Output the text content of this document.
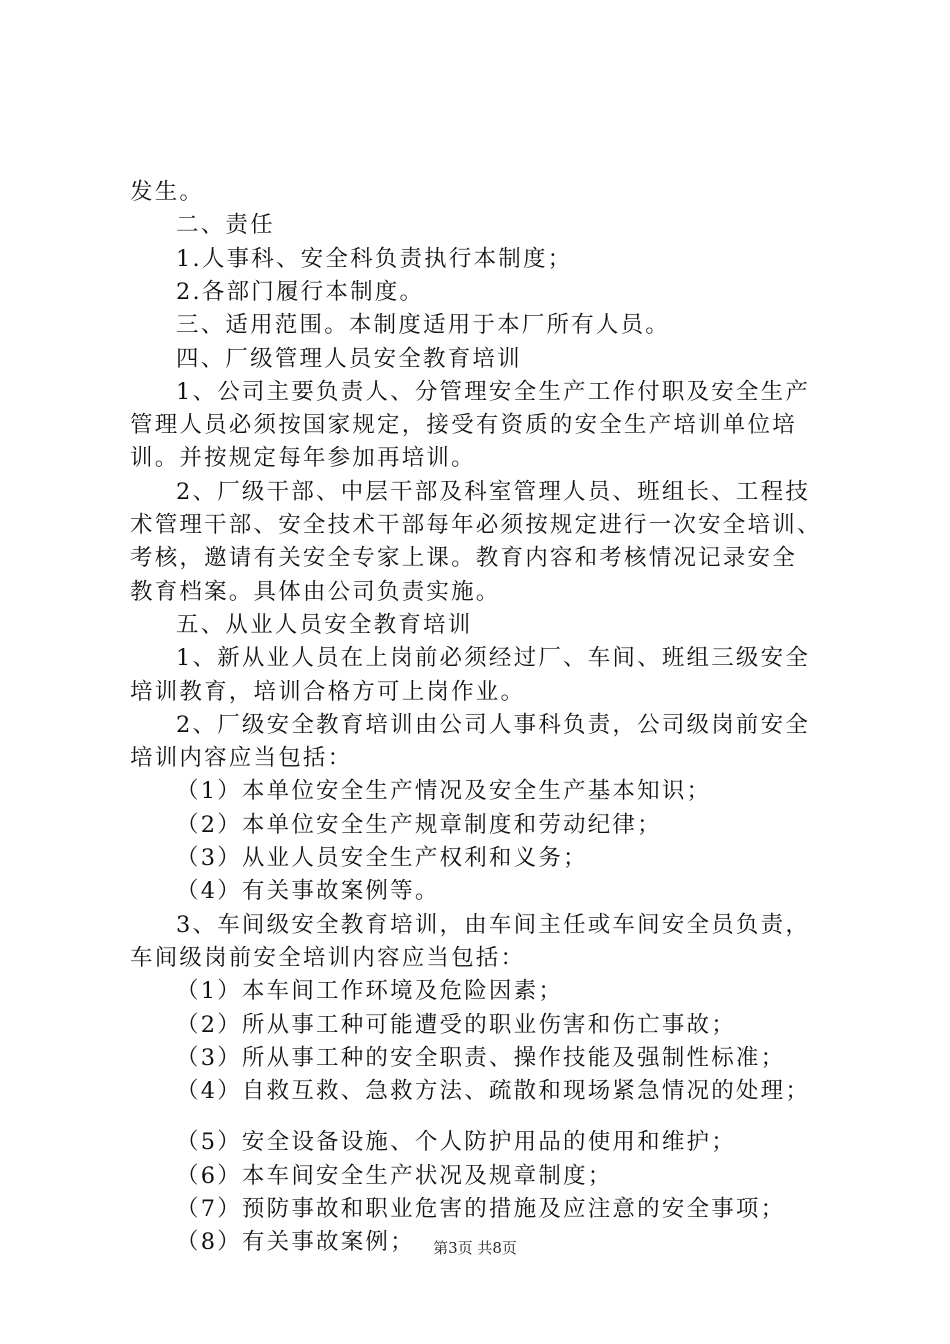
发生。
二、责任
1.人事科、安全科负责执行本制度；
2.各部门履行本制度。
三、适用范围。本制度适用于本厂所有人员。
四、厂级管理人员安全教育培训
1、公司主要负责人、分管理安全生产工作付职及安全生产
管理人员必须按国家规定，接受有资质的安全生产培训单位培
训。并按规定每年参加再培训。
2、厂级干部、中层干部及科室管理人员、班组长、工程技
术管理干部、安全技术干部每年必须按规定进行一次安全培训、
考核，邀请有关安全专家上课。教育内容和考核情况记录安全
教育档案。具体由公司负责实施。
五、从业人员安全教育培训
1、新从业人员在上岗前必须经过厂、车间、班组三级安全
培训教育，培训合格方可上岗作业。
2、厂级安全教育培训由公司人事科负责，公司级岗前安全
培训内容应当包括：
（1）本单位安全生产情况及安全生产基本知识；
（2）本单位安全生产规章制度和劳动纪律；
（3）从业人员安全生产权利和义务；
（4）有关事故案例等。
3、车间级安全教育培训，由车间主任或车间安全员负责，
车间级岗前安全培训内容应当包括：
（1）本车间工作环境及危险因素；
（2）所从事工种可能遭受的职业伤害和伤亡事故；
（3）所从事工种的安全职责、操作技能及强制性标准；
（4）自救互救、急救方法、疏散和现场紧急情况的处理；
（5）安全设备设施、个人防护用品的使用和维护；
（6）本车间安全生产状况及规章制度；
（7）预防事故和职业危害的措施及应注意的安全事项；
（8）有关事故案例；	第3页 共8页
